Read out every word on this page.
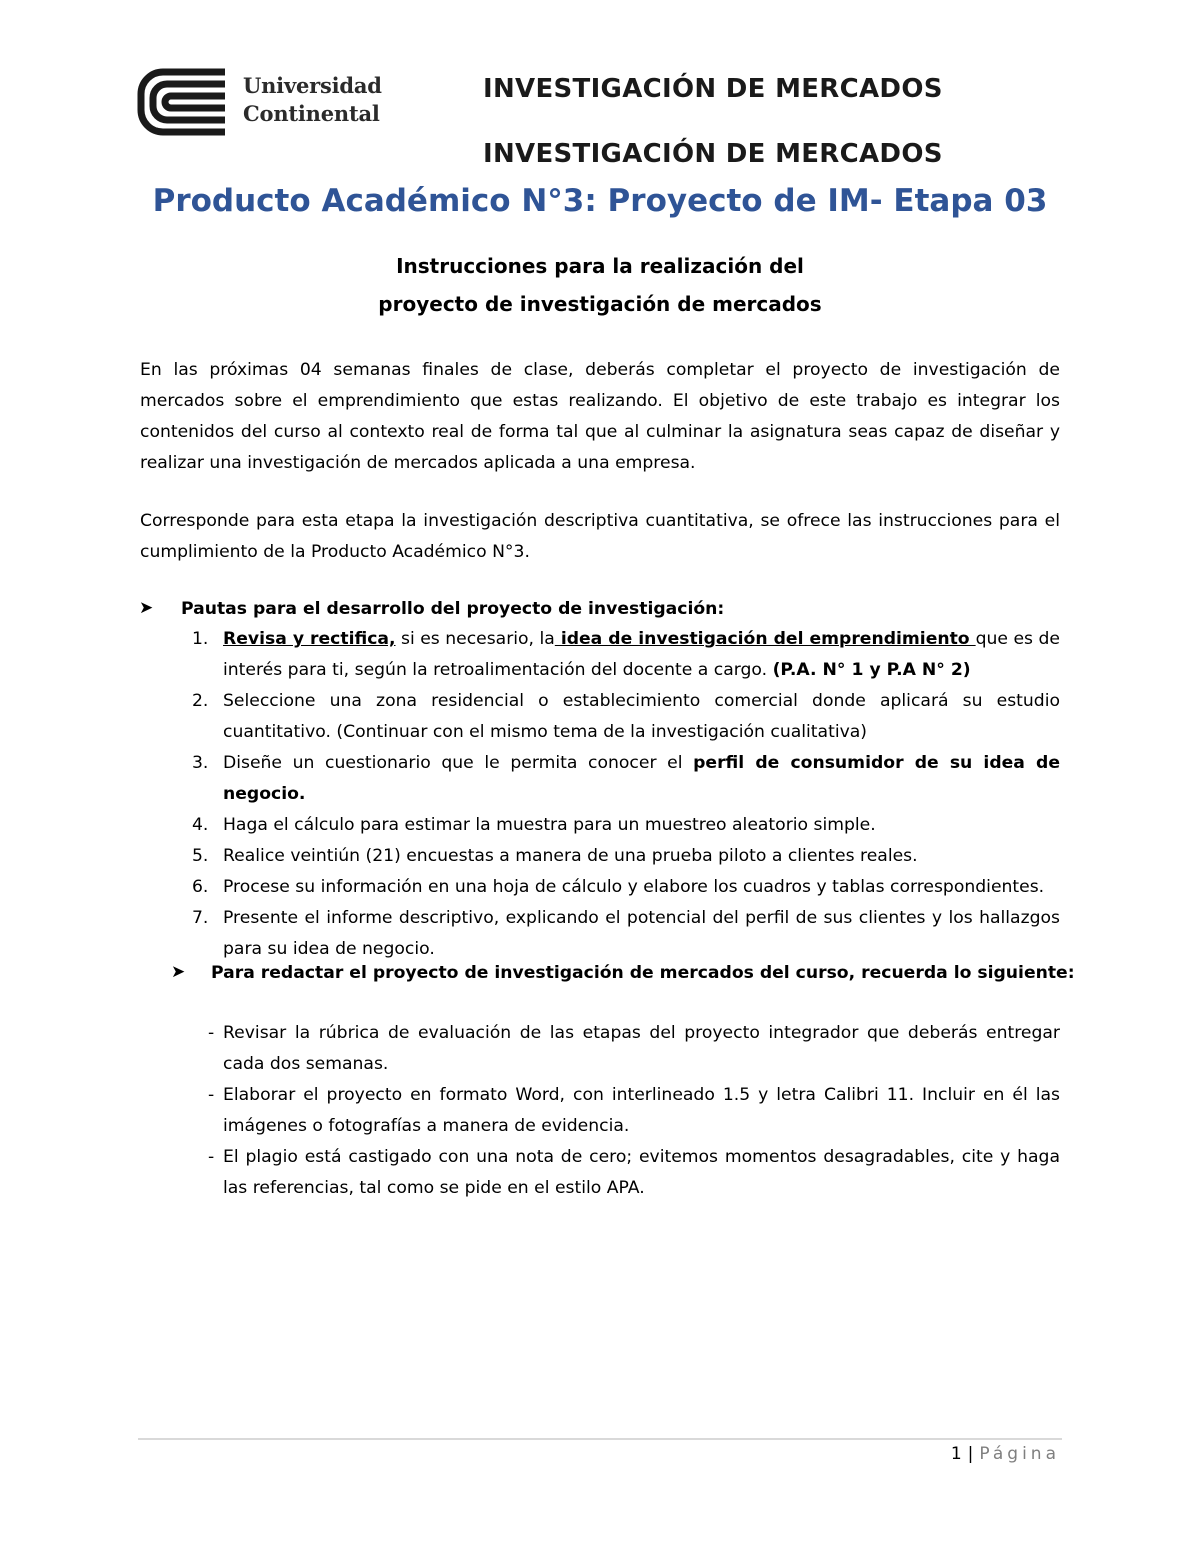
Universidad
Continental
INVESTIGACIÓN DE MERCADOS
INVESTIGACIÓN DE MERCADOS
Producto Académico N°3: Proyecto de IM- Etapa 03
Instrucciones para la realización del
proyecto de investigación de mercados
En las próximas 04 semanas finales de clase, deberás completar el proyecto de investigación de mercados sobre el emprendimiento que estas realizando. El objetivo de este trabajo es integrar los contenidos del curso al contexto real de forma tal que al culminar la asignatura seas capaz de diseñar y realizar una investigación de mercados aplicada a una empresa.
Corresponde para esta etapa la investigación descriptiva cuantitativa, se ofrece las instrucciones para el cumplimiento de la Producto Académico N°3.
➤ Pautas para el desarrollo del proyecto de investigación:
1. Revisa y rectifica, si es necesario, la idea de investigación del emprendimiento que es de interés para ti, según la retroalimentación del docente a cargo. (P.A. N° 1 y P.A N° 2)
2. Seleccione una zona residencial o establecimiento comercial donde aplicará su estudio cuantitativo. (Continuar con el mismo tema de la investigación cualitativa)
3. Diseñe un cuestionario que le permita conocer el perfil de consumidor de su idea de negocio.
4. Haga el cálculo para estimar la muestra para un muestreo aleatorio simple.
5. Realice veintiún (21) encuestas a manera de una prueba piloto a clientes reales.
6. Procese su información en una hoja de cálculo y elabore los cuadros y tablas correspondientes.
7. Presente el informe descriptivo, explicando el potencial del perfil de sus clientes y los hallazgos para su idea de negocio.
➤ Para redactar el proyecto de investigación de mercados del curso, recuerda lo siguiente:
- Revisar la rúbrica de evaluación de las etapas del proyecto integrador que deberás entregar cada dos semanas.
- Elaborar el proyecto en formato Word, con interlineado 1.5 y letra Calibri 11. Incluir en él las imágenes o fotografías a manera de evidencia.
- El plagio está castigado con una nota de cero; evitemos momentos desagradables, cite y haga las referencias, tal como se pide en el estilo APA.
1 | Página
